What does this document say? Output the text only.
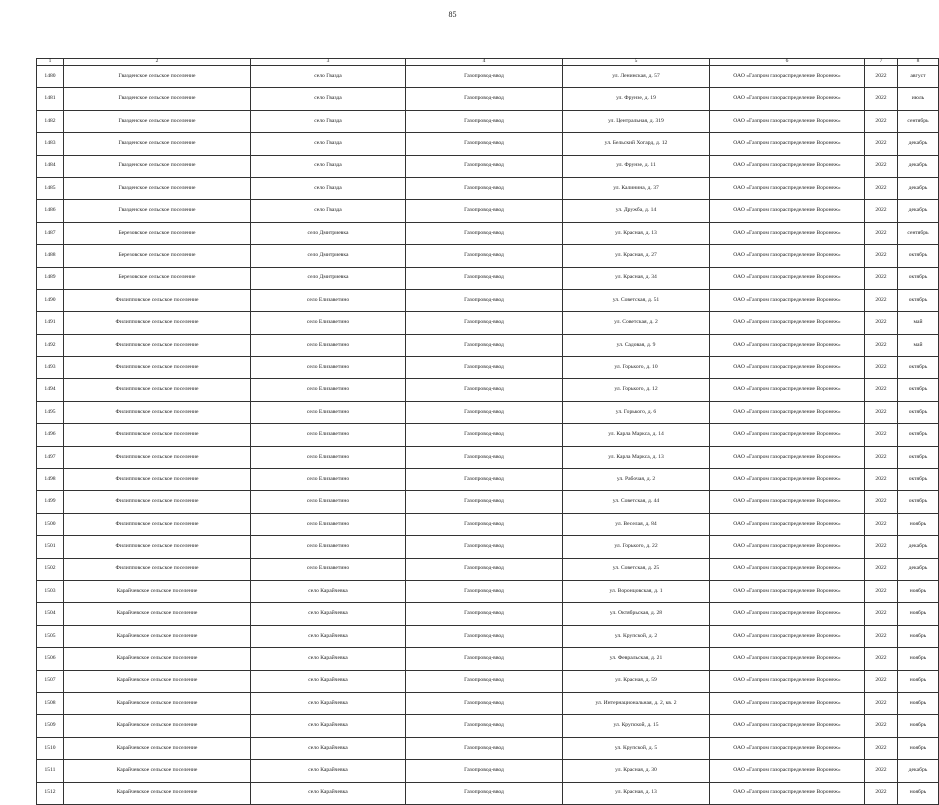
85
1	2	3	4	5	6	7	8
1480	Гвазденское сельское поселение	село Гвазда	Газопровод-ввод	ул. Ленинская, д. 57	ОАО «Газпром газораспределение Воронеж»	2022	август
1481	Гвазденское сельское поселение	село Гвазда	Газопровод-ввод	ул. Фрунзе, д. 19	ОАО «Газпром газораспределение Воронеж»	2022	июль
1482	Гвазденское сельское поселение	село Гвазда	Газопровод-ввод	ул. Центральная, д. 319	ОАО «Газпром газораспределение Воронеж»	2022	сентябрь
1483	Гвазденское сельское поселение	село Гвазда	Газопровод-ввод	ул. Бельский Хогард, д. 12	ОАО «Газпром газораспределение Воронеж»	2022	декабрь
1484	Гвазденское сельское поселение	село Гвазда	Газопровод-ввод	ул. Фрунзе, д. 11	ОАО «Газпром газораспределение Воронеж»	2022	декабрь
1485	Гвазденское сельское поселение	село Гвазда	Газопровод-ввод	ул. Калинина, д. 37	ОАО «Газпром газораспределение Воронеж»	2022	декабрь
1486	Гвазденское сельское поселение	село Гвазда	Газопровод-ввод	ул. Дружба, д. 14	ОАО «Газпром газораспределение Воронеж»	2022	декабрь
1487	Березовское сельское поселение	село Дмитриевка	Газопровод-ввод	ул. Красная, д. 13	ОАО «Газпром газораспределение Воронеж»	2022	сентябрь
1488	Березовское сельское поселение	село Дмитриевка	Газопровод-ввод	ул. Красная, д. 27	ОАО «Газпром газораспределение Воронеж»	2022	октябрь
1489	Березовское сельское поселение	село Дмитриевка	Газопровод-ввод	ул. Красная, д. 34	ОАО «Газпром газораспределение Воронеж»	2022	октябрь
1490	Филипповское сельское поселение	село Елизаветино	Газопровод-ввод	ул. Советская, д. 51	ОАО «Газпром газораспределение Воронеж»	2022	октябрь
1491	Филипповское сельское поселение	село Елизаветино	Газопровод-ввод	ул. Советская, д. 2	ОАО «Газпром газораспределение Воронеж»	2022	май
1492	Филипповское сельское поселение	село Елизаветино	Газопровод-ввод	ул. Садовая, д. 9	ОАО «Газпром газораспределение Воронеж»	2022	май
1493	Филипповское сельское поселение	село Елизаветино	Газопровод-ввод	ул. Горького, д. 10	ОАО «Газпром газораспределение Воронеж»	2022	октябрь
1494	Филипповское сельское поселение	село Елизаветино	Газопровод-ввод	ул. Горького, д. 12	ОАО «Газпром газораспределение Воронеж»	2022	октябрь
1495	Филипповское сельское поселение	село Елизаветино	Газопровод-ввод	ул. Горького, д. 6	ОАО «Газпром газораспределение Воронеж»	2022	октябрь
1496	Филипповское сельское поселение	село Елизаветино	Газопровод-ввод	ул. Карла Маркса, д. 14	ОАО «Газпром газораспределение Воронеж»	2022	октябрь
1497	Филипповское сельское поселение	село Елизаветино	Газопровод-ввод	ул. Карла Маркса, д. 13	ОАО «Газпром газораспределение Воронеж»	2022	октябрь
1498	Филипповское сельское поселение	село Елизаветино	Газопровод-ввод	ул. Рабочая, д. 2	ОАО «Газпром газораспределение Воронеж»	2022	октябрь
1499	Филипповское сельское поселение	село Елизаветино	Газопровод-ввод	ул. Советская, д. 44	ОАО «Газпром газораспределение Воронеж»	2022	октябрь
1500	Филипповское сельское поселение	село Елизаветино	Газопровод-ввод	ул. Веселая, д. 84	ОАО «Газпром газораспределение Воронеж»	2022	ноябрь
1501	Филипповское сельское поселение	село Елизаветино	Газопровод-ввод	ул. Горького, д. 22	ОАО «Газпром газораспределение Воронеж»	2022	декабрь
1502	Филипповское сельское поселение	село Елизаветино	Газопровод-ввод	ул. Советская, д. 25	ОАО «Газпром газораспределение Воронеж»	2022	декабрь
1503	Карайчевское сельское поселение	село Карайчевка	Газопровод-ввод	ул. Воронцовская, д. 1	ОАО «Газпром газораспределение Воронеж»	2022	ноябрь
1504	Карайчевское сельское поселение	село Карайчевка	Газопровод-ввод	ул. Октябрьская, д. 28	ОАО «Газпром газораспределение Воронеж»	2022	ноябрь
1505	Карайчевское сельское поселение	село Карайчевка	Газопровод-ввод	ул. Крупской, д. 2	ОАО «Газпром газораспределение Воронеж»	2022	ноябрь
1506	Карайчевское сельское поселение	село Карайчевка	Газопровод-ввод	ул. Февральская, д. 21	ОАО «Газпром газораспределение Воронеж»	2022	ноябрь
1507	Карайчевское сельское поселение	село Карайчевка	Газопровод-ввод	ул. Красная, д. 59	ОАО «Газпром газораспределение Воронеж»	2022	ноябрь
1508	Карайчевское сельское поселение	село Карайчевка	Газопровод-ввод	ул. Интернациональная, д. 2, кв. 2	ОАО «Газпром газораспределение Воронеж»	2022	ноябрь
1509	Карайчевское сельское поселение	село Карайчевка	Газопровод-ввод	ул. Крупской, д. 15	ОАО «Газпром газораспределение Воронеж»	2022	ноябрь
1510	Карайчевское сельское поселение	село Карайчевка	Газопровод-ввод	ул. Крупской, д. 5	ОАО «Газпром газораспределение Воронеж»	2022	ноябрь
1511	Карайчевское сельское поселение	село Карайчевка	Газопровод-ввод	ул. Красная, д. 30	ОАО «Газпром газораспределение Воронеж»	2022	декабрь
1512	Карайчевское сельское поселение	село Карайчевка	Газопровод-ввод	ул. Красная, д. 13	ОАО «Газпром газораспределение Воронеж»	2022	ноябрь
